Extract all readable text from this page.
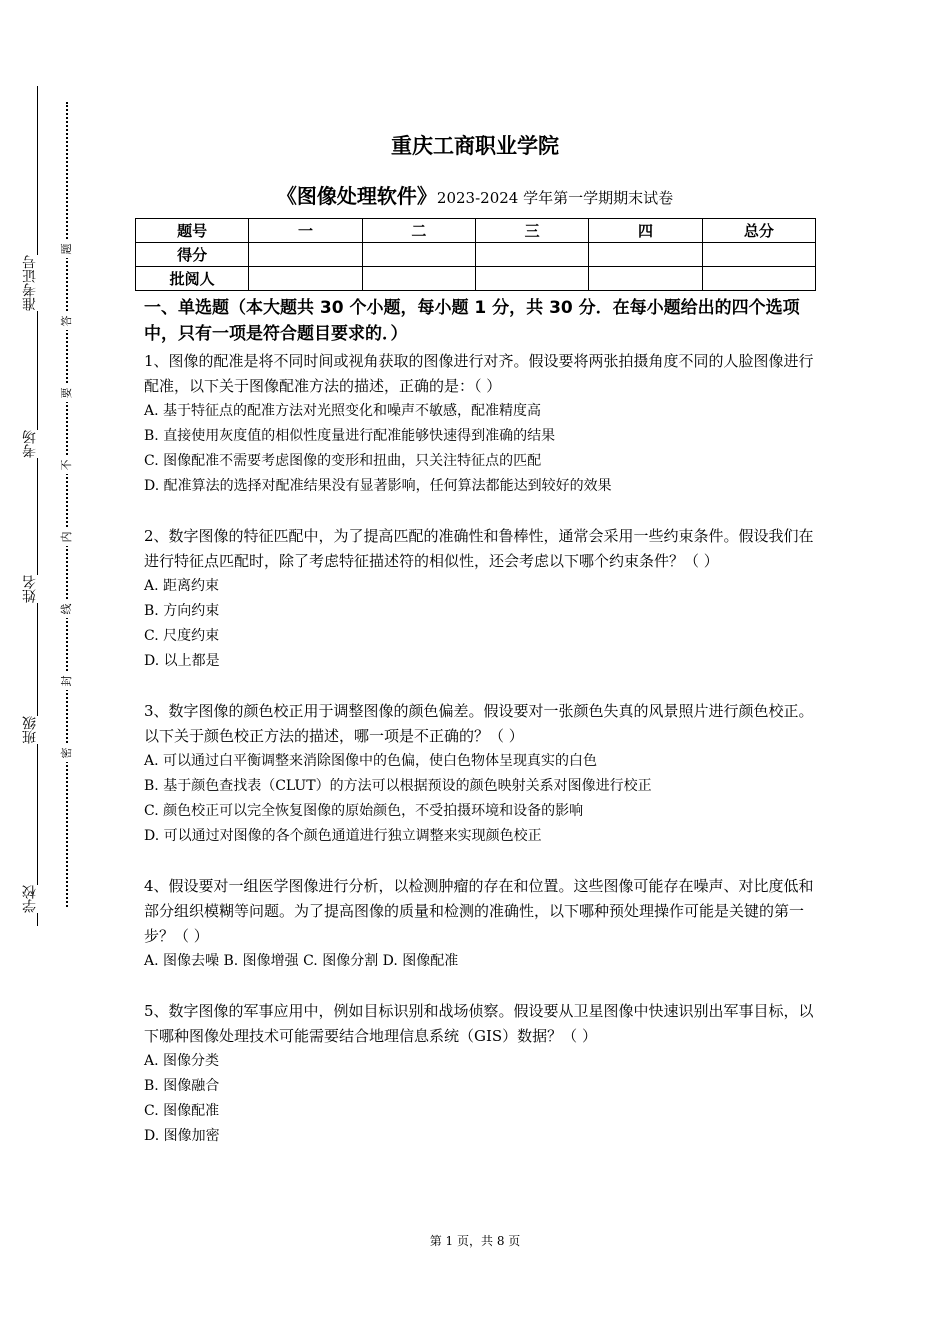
准考证号
考场
姓名
班级
学校
题
答
要
不
内
线
封
密
重庆工商职业学院
《图像处理软件》2023-2024 学年第一学期期末试卷
题号	一	二	三	四	总分
得分					
批阅人					

一、单选题（本大题共 30 个小题，每小题 1 分，共 30 分．在每小题给出的四个选项中，只有一项是符合题目要求的．）

1、图像的配准是将不同时间或视角获取的图像进行对齐。假设要将两张拍摄角度不同的人脸图像进行配准，以下关于图像配准方法的描述，正确的是：（ ）

A. 基于特征点的配准方法对光照变化和噪声不敏感，配准精度高

B. 直接使用灰度值的相似性度量进行配准能够快速得到准确的结果

C. 图像配准不需要考虑图像的变形和扭曲，只关注特征点的匹配

D. 配准算法的选择对配准结果没有显著影响，任何算法都能达到较好的效果

2、数字图像的特征匹配中，为了提高匹配的准确性和鲁棒性，通常会采用一些约束条件。假设我们在进行特征点匹配时，除了考虑特征描述符的相似性，还会考虑以下哪个约束条件？（ ）

A. 距离约束

B. 方向约束

C. 尺度约束

D. 以上都是

3、数字图像的颜色校正用于调整图像的颜色偏差。假设要对一张颜色失真的风景照片进行颜色校正。以下关于颜色校正方法的描述，哪一项是不正确的？（ ）

A. 可以通过白平衡调整来消除图像中的色偏，使白色物体呈现真实的白色

B. 基于颜色查找表（CLUT）的方法可以根据预设的颜色映射关系对图像进行校正

C. 颜色校正可以完全恢复图像的原始颜色，不受拍摄环境和设备的影响

D. 可以通过对图像的各个颜色通道进行独立调整来实现颜色校正

4、假设要对一组医学图像进行分析，以检测肿瘤的存在和位置。这些图像可能存在噪声、对比度低和部分组织模糊等问题。为了提高图像的质量和检测的准确性，以下哪种预处理操作可能是关键的第一步？（ ）

A. 图像去噪 B. 图像增强 C. 图像分割 D. 图像配准

5、数字图像的军事应用中，例如目标识别和战场侦察。假设要从卫星图像中快速识别出军事目标，以下哪种图像处理技术可能需要结合地理信息系统（GIS）数据？（ ）

A. 图像分类

B. 图像融合

C. 图像配准

D. 图像加密

第 1 页，共 8 页
